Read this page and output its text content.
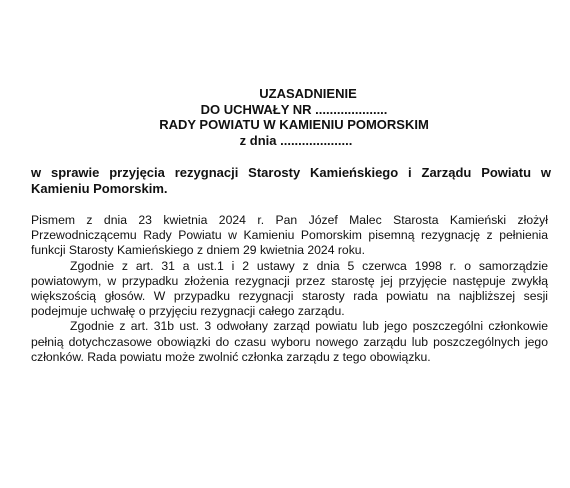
UZASADNIENIE
DO UCHWAŁY NR ....................
RADY POWIATU W KAMIENIU POMORSKIM
z dnia ....................
w sprawie przyjęcia rezygnacji Starosty Kamieńskiego i Zarządu Powiatu w Kamieniu Pomorskim.

Pismem z dnia 23 kwietnia 2024 r. Pan Józef Malec Starosta Kamieński złożył Przewodniczącemu Rady Powiatu w Kamieniu Pomorskim pisemną rezygnację z pełnienia funkcji Starosty Kamieńskiego z dniem 29 kwietnia 2024 roku.

Zgodnie z art. 31 a ust.1 i 2 ustawy z dnia 5 czerwca 1998 r. o samorządzie powiatowym, w przypadku złożenia rezygnacji przez starostę jej przyjęcie następuje zwykłą większością głosów. W przypadku rezygnacji starosty rada powiatu na najbliższej sesji podejmuje uchwałę o przyjęciu rezygnacji całego zarządu.

Zgodnie z art. 31b ust. 3 odwołany zarząd powiatu lub jego poszczególni członkowie pełnią dotychczasowe obowiązki do czasu wyboru nowego zarządu lub poszczególnych jego członków. Rada powiatu może zwolnić członka zarządu z tego obowiązku.
